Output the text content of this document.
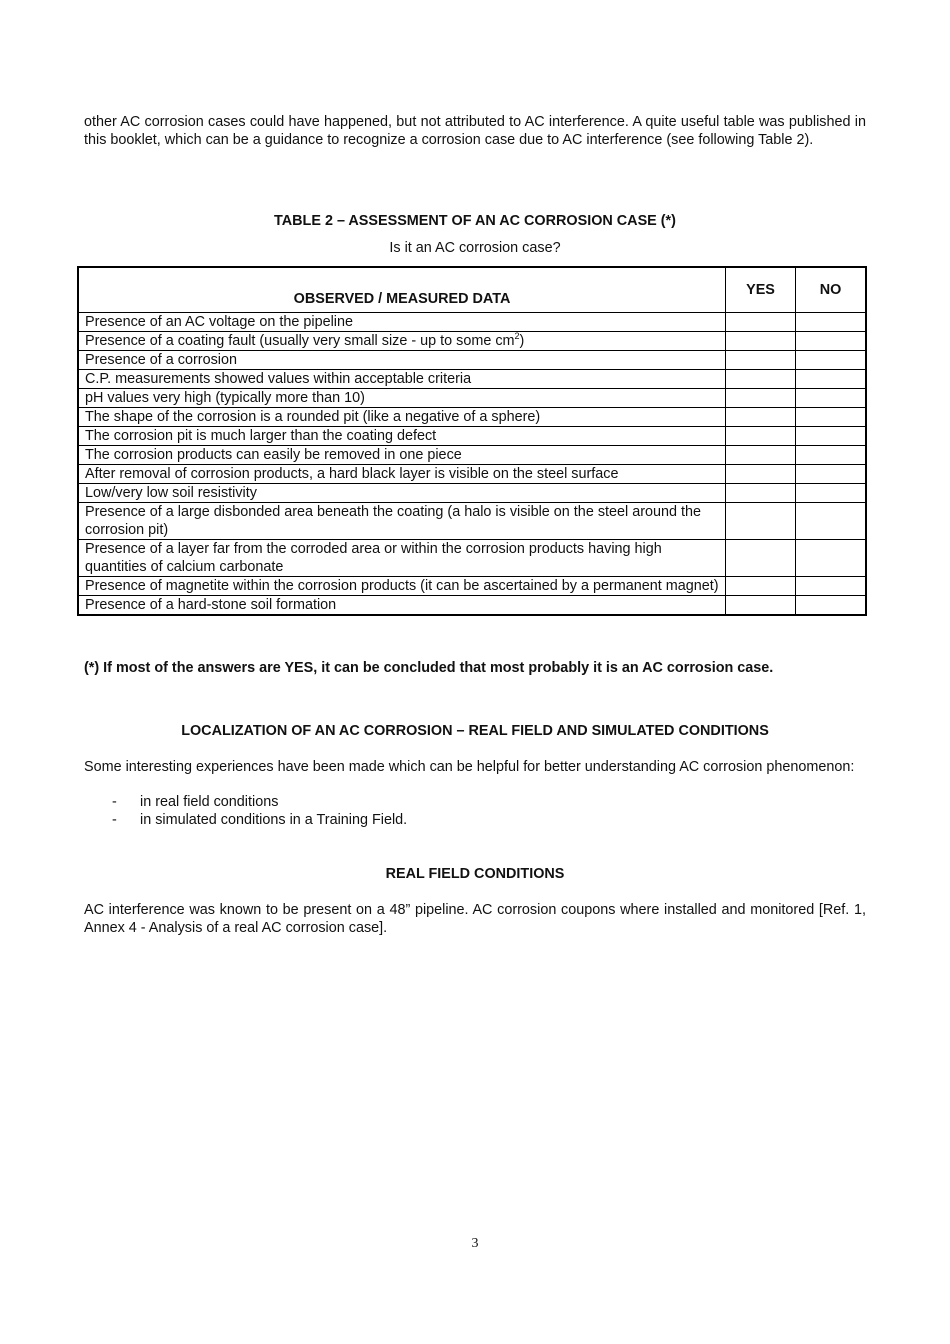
other AC corrosion cases could have happened, but not attributed to AC interference. A quite useful table was published in this booklet, which can be a guidance to recognize a corrosion case due to AC interference (see following Table 2).
TABLE 2 – ASSESSMENT OF AN AC CORROSION CASE (*)
Is it an AC corrosion case?
OBSERVED / MEASURED DATA	YES	NO
Presence of an AC voltage on the pipeline		
Presence of a coating fault (usually very small size - up to some $cm^2$)		
Presence of a corrosion		
C.P. measurements showed values within acceptable criteria		
pH values very high (typically more than 10)		
The shape of the corrosion is a rounded pit (like a negative of a sphere)		
The corrosion pit is much larger than the coating defect		
The corrosion products can easily be removed in one piece		
After removal of corrosion products, a hard black layer is visible on the steel surface		
Low/very low soil resistivity		
Presence of a large disbonded area beneath the coating (a halo is visible on the steel around the corrosion pit)		
Presence of a layer far from the corroded area or within the corrosion products having high quantities of calcium carbonate		
Presence of magnetite within the corrosion products (it can be ascertained by a permanent magnet)		
Presence of a hard-stone soil formation		
(*) If most of the answers are YES, it can be concluded that most probably it is an AC corrosion case.
LOCALIZATION OF AN AC CORROSION – REAL FIELD AND SIMULATED CONDITIONS
Some interesting experiences have been made which can be helpful for better understanding AC corrosion phenomenon:
- in real field conditions
- in simulated conditions in a Training Field.
REAL FIELD CONDITIONS
AC interference was known to be present on a 48” pipeline. AC corrosion coupons where installed and monitored [Ref. 1, Annex 4 - Analysis of a real AC corrosion case].
3
